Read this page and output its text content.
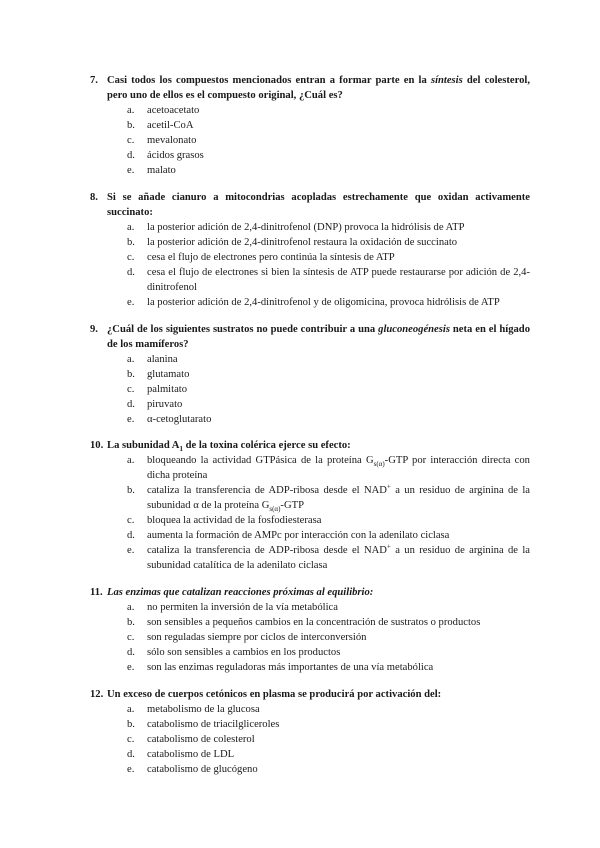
7. Casi todos los compuestos mencionados entran a formar parte en la síntesis del colesterol, pero uno de ellos es el compuesto original, ¿Cuál es?
a.	acetoacetato
b.	acetil-CoA
c.	mevalonato
d.	ácidos grasos
e.	malato
8. Si se añade cianuro a mitocondrias acopladas estrechamente que oxidan activamente succinato:
a.	la posterior adición de 2,4-dinitrofenol (DNP) provoca la hidrólisis de ATP
b.	la posterior adición de 2,4-dinitrofenol restaura la oxidación de succinato
c.	cesa el flujo de electrones pero continúa la síntesis de ATP
d.	cesa el flujo de electrones si bien la síntesis de ATP puede restaurarse por adición de 2,4-dinitrofenol
e.	la posterior adición de 2,4-dinitrofenol y de oligomicina, provoca hidrólisis de ATP
9. ¿Cuál de los siguientes sustratos no puede contribuir a una gluconeogénesis neta en el hígado de los mamíferos?
a.	alanina
b.	glutamato
c.	palmitato
d.	piruvato
e.	α-cetoglutarato
10. La subunidad $A_1$ de la toxina colérica ejerce su efecto:
a.	bloqueando la actividad GTPásica de la proteína $G_{s(\alpha)}$-GTP por interacción directa con dicha proteína
b.	cataliza la transferencia de ADP-ribosa desde el NAD+ a un residuo de arginina de la subunidad α de la proteína $G_{s(\alpha)}$-GTP
c.	bloquea la actividad de la fosfodiesterasa
d.	aumenta la formación de AMPc por interacción con la adenilato ciclasa
e.	cataliza la transferencia de ADP-ribosa desde el NAD+ a un residuo de arginina de la subunidad catalítica de la adenilato ciclasa
11. Las enzimas que catalizan reacciones próximas al equilibrio:
a.	no permiten la inversión de la vía metabólica
b.	son sensibles a pequeños cambios en la concentración de sustratos o productos
c.	son reguladas siempre por ciclos de interconversión
d.	sólo son sensibles a cambios en los productos
e.	son las enzimas reguladoras más importantes de una vía metabólica
12. Un exceso de cuerpos cetónicos en plasma se producirá por activación del:
a.	metabolismo de la glucosa
b.	catabolismo de triacilgliceroles
c.	catabolismo de colesterol
d.	catabolismo de LDL
e.	catabolismo de glucógeno
